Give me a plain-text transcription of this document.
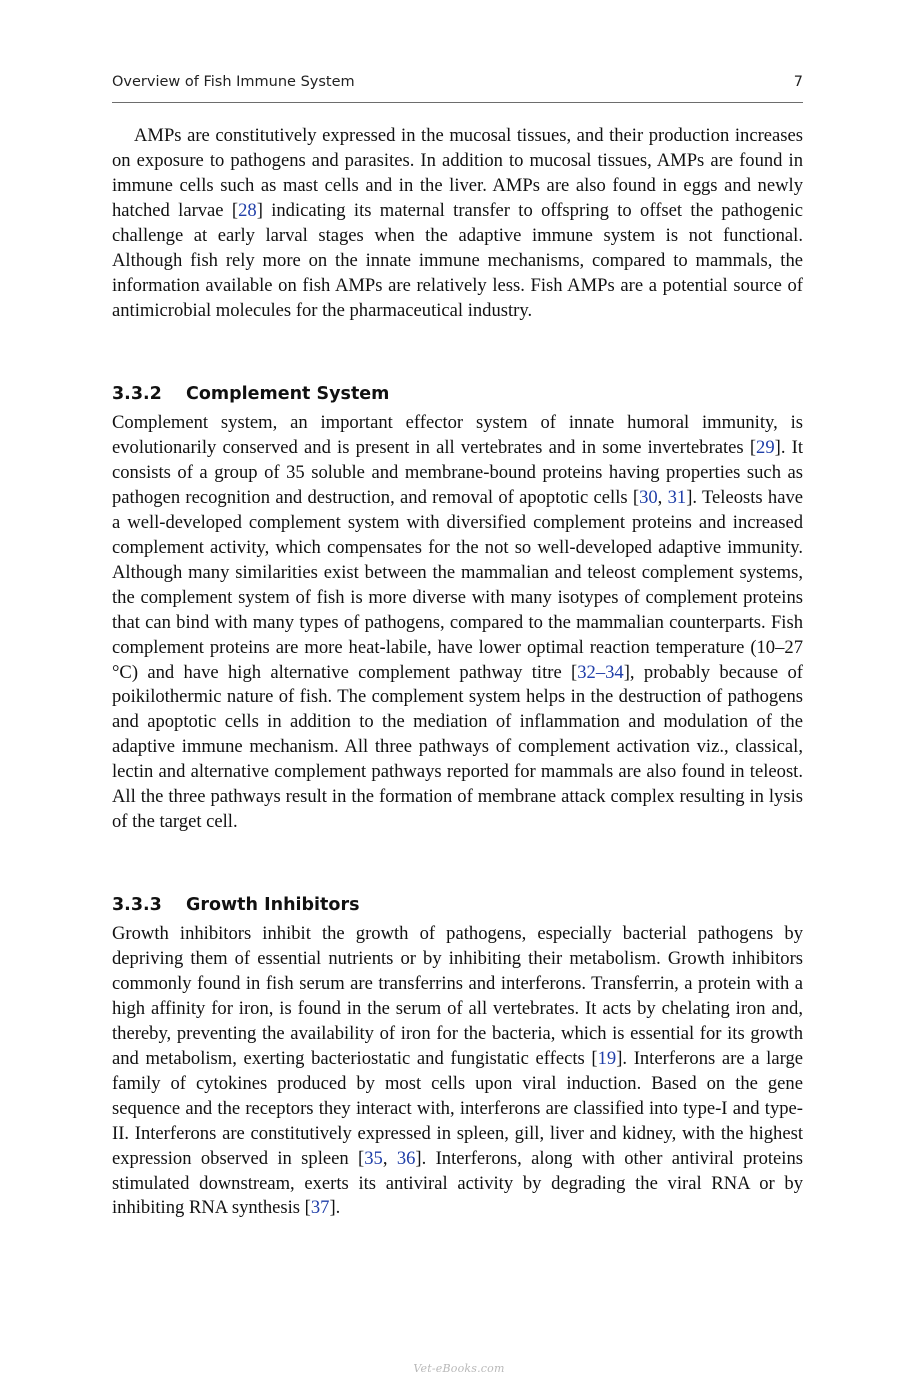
Overview of Fish Immune System	7

AMPs are constitutively expressed in the mucosal tissues, and their production increases on exposure to pathogens and parasites. In addition to mucosal tissues, AMPs are found in immune cells such as mast cells and in the liver. AMPs are also found in eggs and newly hatched larvae [28] indicating its maternal transfer to offspring to offset the pathogenic challenge at early larval stages when the adaptive immune system is not functional. Although fish rely more on the innate immune mechanisms, compared to mammals, the information available on fish AMPs are relatively less. Fish AMPs are a potential source of antimicrobial molecules for the pharmaceutical industry.

3.3.2 Complement System

Complement system, an important effector system of innate humoral immunity, is evolutionarily conserved and is present in all vertebrates and in some invertebrates [29]. It consists of a group of 35 soluble and membrane-bound proteins having properties such as pathogen recognition and destruction, and removal of apoptotic cells [30, 31]. Teleosts have a well-developed complement system with diversified complement proteins and increased complement activity, which compensates for the not so well-developed adaptive immunity. Although many similarities exist between the mammalian and teleost complement systems, the complement system of fish is more diverse with many isotypes of complement proteins that can bind with many types of pathogens, compared to the mammalian counterparts. Fish complement proteins are more heat-labile, have lower optimal reaction temperature (10–27 °C) and have high alternative complement pathway titre [32–34], probably because of poikilothermic nature of fish. The complement system helps in the destruction of pathogens and apoptotic cells in addition to the mediation of inflammation and modulation of the adaptive immune mechanism. All three pathways of complement activation viz., classical, lectin and alternative complement pathways reported for mammals are also found in teleost. All the three pathways result in the formation of membrane attack complex resulting in lysis of the target cell.

3.3.3 Growth Inhibitors

Growth inhibitors inhibit the growth of pathogens, especially bacterial pathogens by depriving them of essential nutrients or by inhibiting their metabolism. Growth inhibitors commonly found in fish serum are transferrins and interferons. Transferrin, a protein with a high affinity for iron, is found in the serum of all vertebrates. It acts by chelating iron and, thereby, preventing the availability of iron for the bacteria, which is essential for its growth and metabolism, exerting bacteriostatic and fungistatic effects [19]. Interferons are a large family of cytokines produced by most cells upon viral induction. Based on the gene sequence and the receptors they interact with, interferons are classified into type-I and type-II. Interferons are constitutively expressed in spleen, gill, liver and kidney, with the highest expression observed in spleen [35, 36]. Interferons, along with other antiviral proteins stimulated downstream, exerts its antiviral activity by degrading the viral RNA or by inhibiting RNA synthesis [37].

Vet-eBooks.com
